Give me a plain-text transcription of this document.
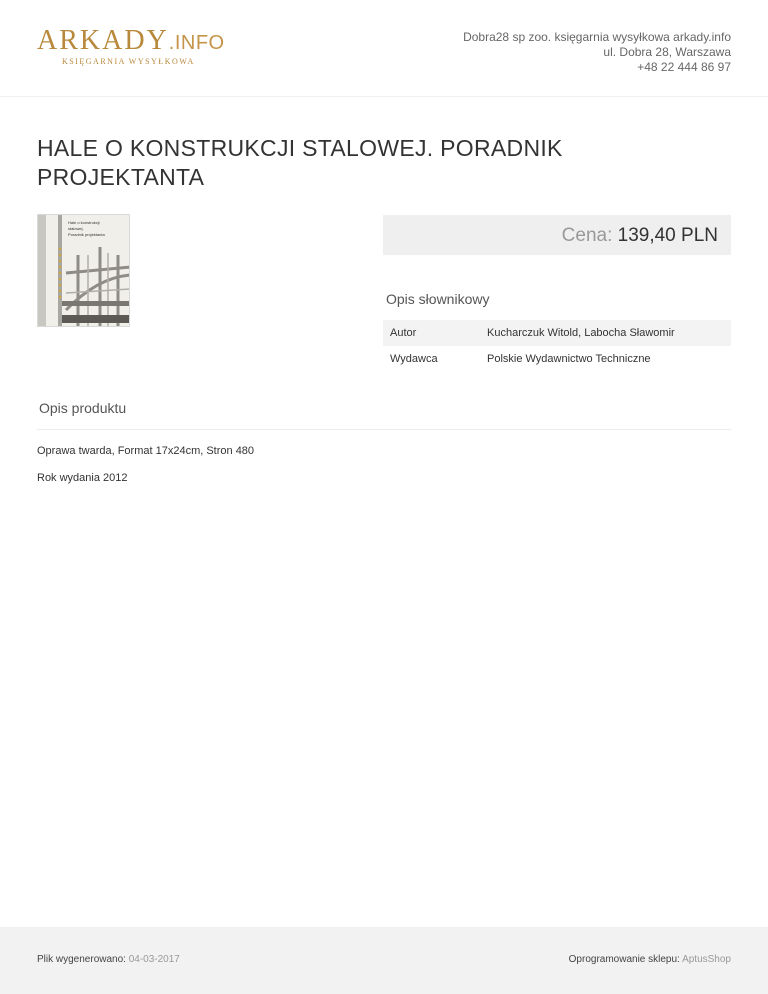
ARKADY.INFO
KSIĘGARNIA WYSYŁKOWA
Dobra28 sp zoo. księgarnia wysyłkowa arkady.info
ul. Dobra 28, Warszawa
+48 22 444 86 97
HALE O KONSTRUKCJI STALOWEJ. PORADNIK PROJEKTANTA
Hale o konstrukcji
stalowej.
Poradnik projektanta	Cena: 139,40 PLN
Opis słownikowy
Autor	Kucharczuk Witold, Labocha Sławomir
Wydawca	Polskie Wydawnictwo Techniczne
Opis produktu
Oprawa twarda, Format 17x24cm, Stron 480
Rok wydania 2012
Plik wygenerowano: 04-03-2017	Oprogramowanie sklepu: AptusShop
